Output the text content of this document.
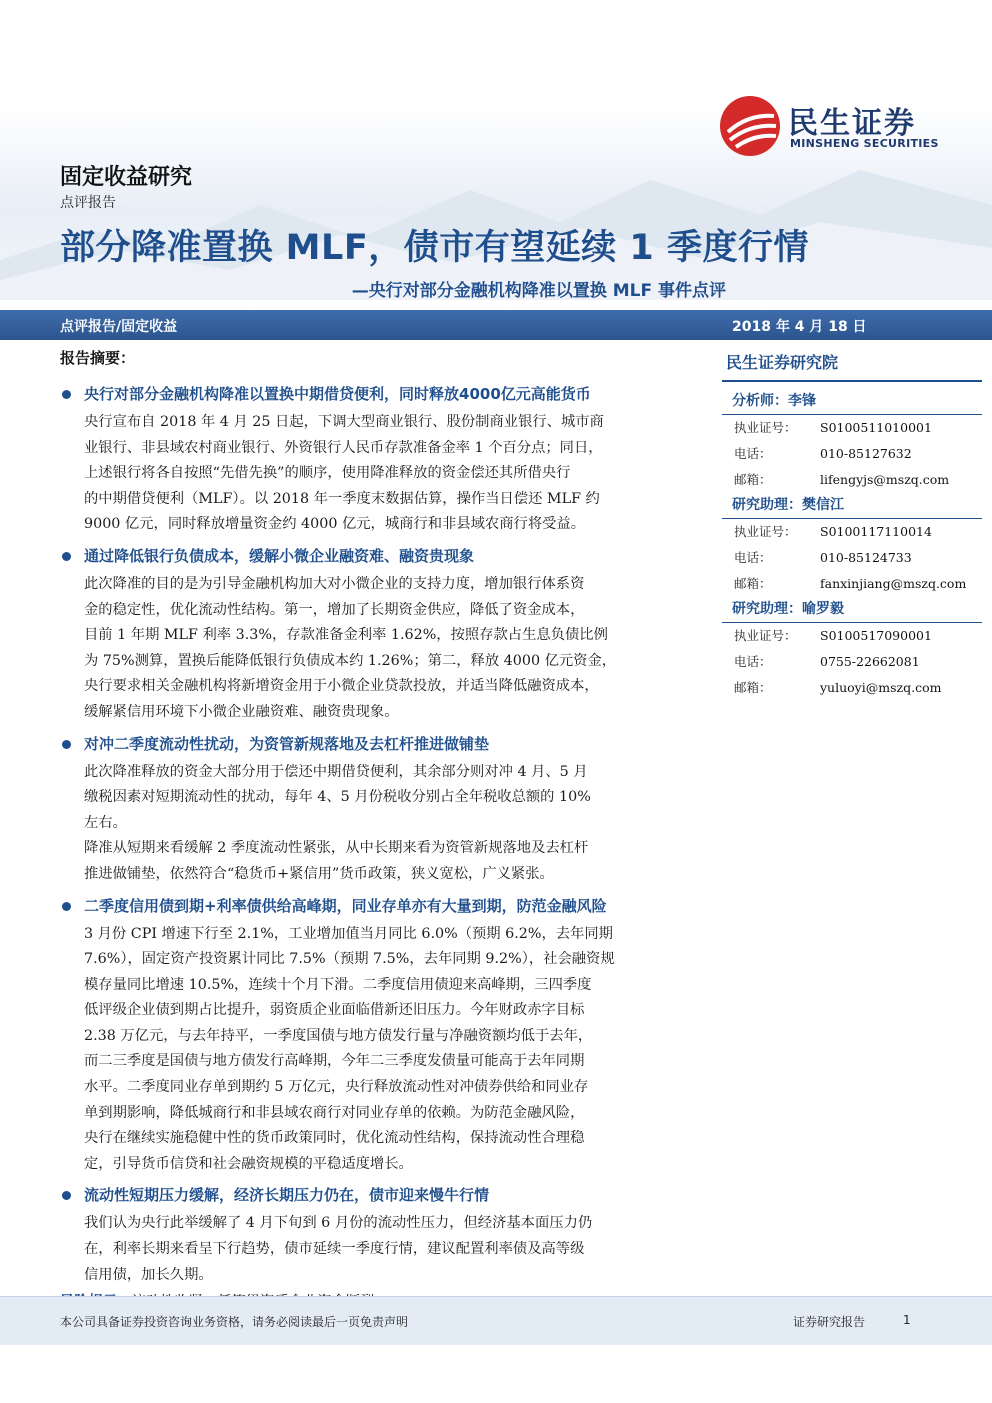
民生证券
MINSHENG SECURITIES
固定收益研究
点评报告
部分降准置换 MLF，债市有望延续 1 季度行情
—央行对部分金融机构降准以置换 MLF 事件点评
点评报告/固定收益	2018 年 4 月 18 日
报告摘要：
央行对部分金融机构降准以置换中期借贷便利，同时释放4000亿元高能货币
央行宣布自 2018 年 4 月 25 日起，下调大型商业银行、股份制商业银行、城市商
业银行、非县域农村商业银行、外资银行人民币存款准备金率 1 个百分点；同日，
上述银行将各自按照“先借先换”的顺序，使用降准释放的资金偿还其所借央行
的中期借贷便利（MLF）。以 2018 年一季度末数据估算，操作当日偿还 MLF 约
9000 亿元，同时释放增量资金约 4000 亿元，城商行和非县域农商行将受益。
通过降低银行负债成本，缓解小微企业融资难、融资贵现象
此次降准的目的是为引导金融机构加大对小微企业的支持力度，增加银行体系资
金的稳定性，优化流动性结构。第一，增加了长期资金供应，降低了资金成本，
目前 1 年期 MLF 利率 3.3%，存款准备金利率 1.62%，按照存款占生息负债比例
为 75%测算，置换后能降低银行负债成本约 1.26%；第二，释放 4000 亿元资金，
央行要求相关金融机构将新增资金用于小微企业贷款投放，并适当降低融资成本，
缓解紧信用环境下小微企业融资难、融资贵现象。
对冲二季度流动性扰动，为资管新规落地及去杠杆推进做铺垫
此次降准释放的资金大部分用于偿还中期借贷便利，其余部分则对冲 4 月、5 月
缴税因素对短期流动性的扰动，每年 4、5 月份税收分别占全年税收总额的 10%
左右。
降准从短期来看缓解 2 季度流动性紧张，从中长期来看为资管新规落地及去杠杆
推进做铺垫，依然符合“稳货币+紧信用”货币政策，狭义宽松，广义紧张。
二季度信用债到期+利率债供给高峰期，同业存单亦有大量到期，防范金融风险
3 月份 CPI 增速下行至 2.1%，工业增加值当月同比 6.0%（预期 6.2%，去年同期
7.6%），固定资产投资累计同比 7.5%（预期 7.5%，去年同期 9.2%），社会融资规
模存量同比增速 10.5%，连续十个月下滑。二季度信用债迎来高峰期，三四季度
低评级企业债到期占比提升，弱资质企业面临借新还旧压力。今年财政赤字目标
2.38 万亿元，与去年持平，一季度国债与地方债发行量与净融资额均低于去年，
而二三季度是国债与地方债发行高峰期，今年二三季度发债量可能高于去年同期
水平。二季度同业存单到期约 5 万亿元，央行释放流动性对冲债券供给和同业存
单到期影响，降低城商行和非县域农商行对同业存单的依赖。为防范金融风险，
央行在继续实施稳健中性的货币政策同时，优化流动性结构，保持流动性合理稳
定，引导货币信贷和社会融资规模的平稳适度增长。
流动性短期压力缓解，经济长期压力仍在，债市迎来慢牛行情
我们认为央行此举缓解了 4 月下旬到 6 月份的流动性压力，但经济基本面压力仍
在，利率长期来看呈下行趋势，债市延续一季度行情，建议配置利率债及高等级
信用债，加长久期。
民生证券研究院
分析师：李锋
执业证号： S0100511010001
电话：	010-85127632
邮箱：	lifengyjs@mszq.com
研究助理：樊信江
执业证号： S0100117110014
电话：	010-85124733
邮箱：	fanxinjiang@mszq.com
研究助理：喻罗毅
执业证号： S0100517090001
电话：	0755-22662081
邮箱：	yuluoyi@mszq.com
本公司具备证券投资咨询业务资格，请务必阅读最后一页免责声明	证券研究报告	1
